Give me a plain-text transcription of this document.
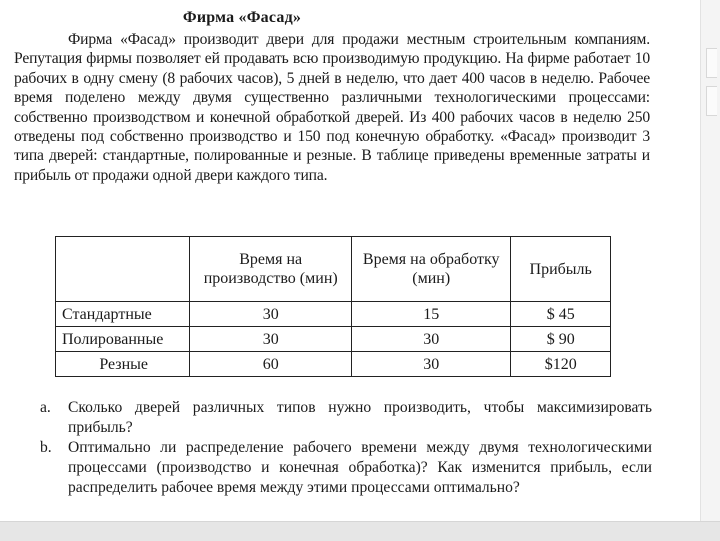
Фирма «Фасад»

Фирма «Фасад» производит двери для продажи местным строительным компаниям. Репутация фирмы позволяет ей продавать всю производимую продукцию. На фирме работает 10 рабочих в одну смену (8 рабочих часов), 5 дней в неделю, что дает 400 часов в неделю. Рабочее время поделено между двумя существенно различными технологическими процессами: собственно производством и конечной обработкой дверей. Из 400 рабочих часов в неделю 250 отведены под собственно производство и 150 под конечную обработку. «Фасад» производит 3 типа дверей: стандартные, полированные и резные. В таблице приведены временные затраты и прибыль от продажи одной двери каждого типа.

	Время на производство (мин)	Время на обработку (мин)	Прибыль
Стандартные	30	15	$ 45
Полированные	30	30	$ 90
Резные	60	30	$120
a. Сколько дверей различных типов нужно производить, чтобы максимизировать прибыль?
b. Оптимально ли распределение рабочего времени между двумя технологическими процессами (производство и конечная обработка)? Как изменится прибыль, если распределить рабочее время между этими процессами оптимально?
